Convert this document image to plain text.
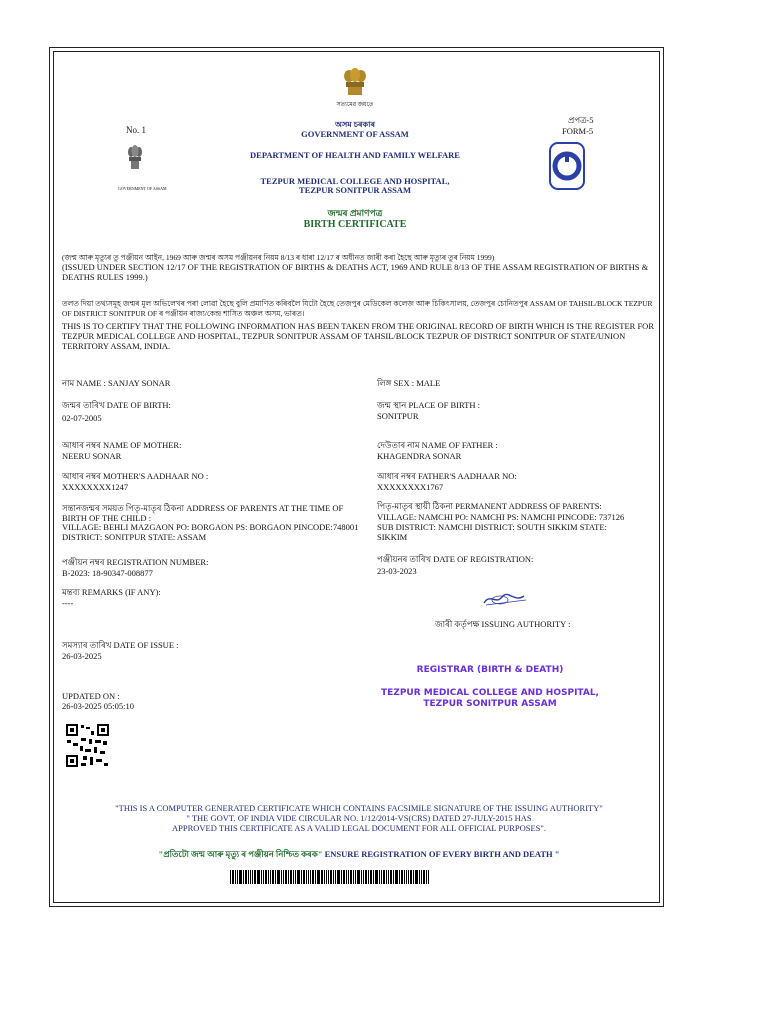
সত্যমেৱ জয়তে
No. 1
অসম চৰকাৰ
GOVERNMENT OF ASSAM
প্ৰপত্ৰ-5
FORM-5
GOVERNMENT OF ASSAM
DEPARTMENT OF HEALTH AND FAMILY WELFARE
TEZPUR MEDICAL COLLEGE AND HOSPITAL,
TEZPUR SONITPUR ASSAM
জন্মৰ প্ৰমাণপত্ৰ
BIRTH CERTIFICATE
(জন্ম আৰু মৃত্যুৰ তু পঞ্জীয়ন আইন, 1969 আৰু জন্মৰ অসম পঞ্জীয়নৰ নিয়ম 8/13 ৰ ধাৰা 12/17 ৰ অধীনত জাৰী কৰা হৈছে আৰু মৃত্যুৰ তুৰ নিয়ম 1999)
(ISSUED UNDER SECTION 12/17 OF THE REGISTRATION OF BIRTHS & DEATHS ACT, 1969 AND RULE 8/13 OF THE ASSAM REGISTRATION OF BIRTHS & DEATHS RULES 1999.)
তলত দিয়া তথ্যসমূহ জন্মৰ মূল অভিলেখৰ পৰা লোৱা হৈছে বুলি প্ৰমাণিত কৰিবলৈ যিটো হৈছে তেজপুৰ মেডিকেল কলেজ আৰু চিকিৎসালয়, তেজপুৰ চোনিতপুৰ ASSAM OF TAHSIL/BLOCK TEZPUR OF DISTRICT SONITPUR OF ৰ পঞ্জীয়ন ৰাজ্য/কেন্দ্ৰ শাসিত অঞ্চল অসম, ভাৰত।
THIS IS TO CERTIFY THAT THE FOLLOWING INFORMATION HAS BEEN TAKEN FROM THE ORIGINAL RECORD OF BIRTH WHICH IS THE REGISTER FOR TEZPUR MEDICAL COLLEGE AND HOSPITAL, TEZPUR SONITPUR ASSAM OF TAHSIL/BLOCK TEZPUR OF DISTRICT SONITPUR OF STATE/UNION TERRITORY ASSAM, INDIA.
নাম NAME : SANJAY SONAR
জন্মৰ তাৰিখ DATE OF BIRTH:
02-07-2005
আধাৰ নম্বৰ NAME OF MOTHER:
NEERU SONAR
আধাৰ নম্বৰ MOTHER'S AADHAAR NO :
XXXXXXXX1247
সন্তানজন্মৰ সময়ত পিতৃ-মাতৃৰ ঠিকনা ADDRESS OF PARENTS AT THE TIME OF BIRTH OF THE CHILD :
VILLAGE: BEHLI MAZGAON PO: BORGAON PS: BORGAON PINCODE:748001
DISTRICT: SONITPUR STATE: ASSAM
পঞ্জীয়ন নম্বৰ REGISTRATION NUMBER:
B-2023: 18-90347-008877
মন্তব্য REMARKS (IF ANY):
----
সমস্যাৰ তাৰিখ DATE OF ISSUE :
26-03-2025
UPDATED ON :
26-03-2025 05:05:10
লিঙ্গ SEX : MALE
জন্ম স্থান PLACE OF BIRTH :
SONITPUR
দেউতাৰ নাম NAME OF FATHER :
KHAGENDRA SONAR
আধাৰ নম্বৰ FATHER'S AADHAAR NO:
XXXXXXXX1767
পিতৃ-মাতৃৰ স্থায়ী ঠিকনা PERMANENT ADDRESS OF PARENTS:
VILLAGE: NAMCHI PO: NAMCHI PS: NAMCHI PINCODE: 737126
SUB DISTRICT: NAMCHI DISTRICT: SOUTH SIKKIM STATE:
SIKKIM
পঞ্জীয়নৰ তাৰিখ DATE OF REGISTRATION:
23-03-2023
জাৰী কৰ্তৃপক্ষ ISSUING AUTHORITY :
REGISTRAR (BIRTH & DEATH)
TEZPUR MEDICAL COLLEGE AND HOSPITAL,
TEZPUR SONITPUR ASSAM
"THIS IS A COMPUTER GENERATED CERTIFICATE WHICH CONTAINS FACSIMILE SIGNATURE OF THE ISSUING AUTHORITY"
" THE GOVT. OF INDIA VIDE CIRCULAR NO. 1/12/2014-VS(CRS) DATED 27-JULY-2015 HAS
APPROVED THIS CERTIFICATE AS A VALID LEGAL DOCUMENT FOR ALL OFFICIAL PURPOSES".
"প্ৰতিটো জন্ম আৰু মৃত্যু ৰ পঞ্জীয়ন নিশ্চিত কৰক" ENSURE REGISTRATION OF EVERY BIRTH AND DEATH "
